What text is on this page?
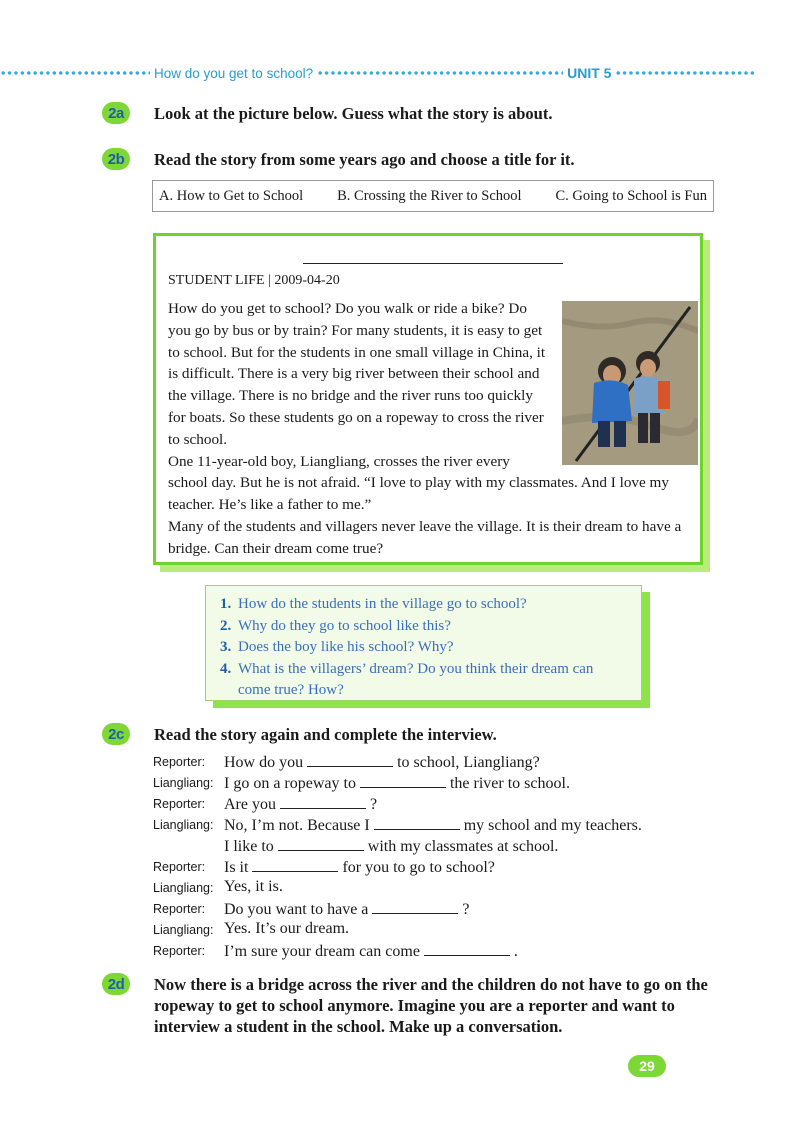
How do you get to school?	UNIT 5
2a	Look at the picture below. Guess what the story is about.
2b	Read the story from some years ago and choose a title for it.
A. How to Get to School B. Crossing the River to School C. Going to School is Fun
STUDENT LIFE | 2009-04-20

How do you get to school? Do you walk or ride a bike? Do you go by bus or by train? For many students, it is easy to get to school. But for the students in one small village in China, it is difficult. There is a very big river between their school and the village. There is no bridge and the river runs too quickly for boats. So these students go on a ropeway to cross the river to school.

One 11-year-old boy, Liangliang, crosses the river every school day. But he is not afraid. “I love to play with my classmates. And I love my teacher. He’s like a father to me.”

Many of the students and villagers never leave the village. It is their dream to have a bridge. Can their dream come true?

1. How do the students in the village go to school?
2. Why do they go to school like this?
3. Does the boy like his school? Why?
4. What is the villagers’ dream? Do you think their dream can come true? How?
2c	Read the story again and complete the interview.
Reporter: How do you	to school, Liangliang?
Liangliang: I go on a ropeway to	the river to school.
Reporter: Are you	?
Liangliang: No, I’m not. Because I	my school and my teachers.
I like to	with my classmates at school.
Reporter: Is it	for you to go to school?
Liangliang: Yes, it is.
Reporter: Do you want to have a	?
Liangliang: Yes. It’s our dream.
Reporter: I’m sure your dream can come	.
2d	Now there is a bridge across the river and the children do not have to go on the ropeway to get to school anymore. Imagine you are a reporter and want to interview a student in the school. Make up a conversation.
29
